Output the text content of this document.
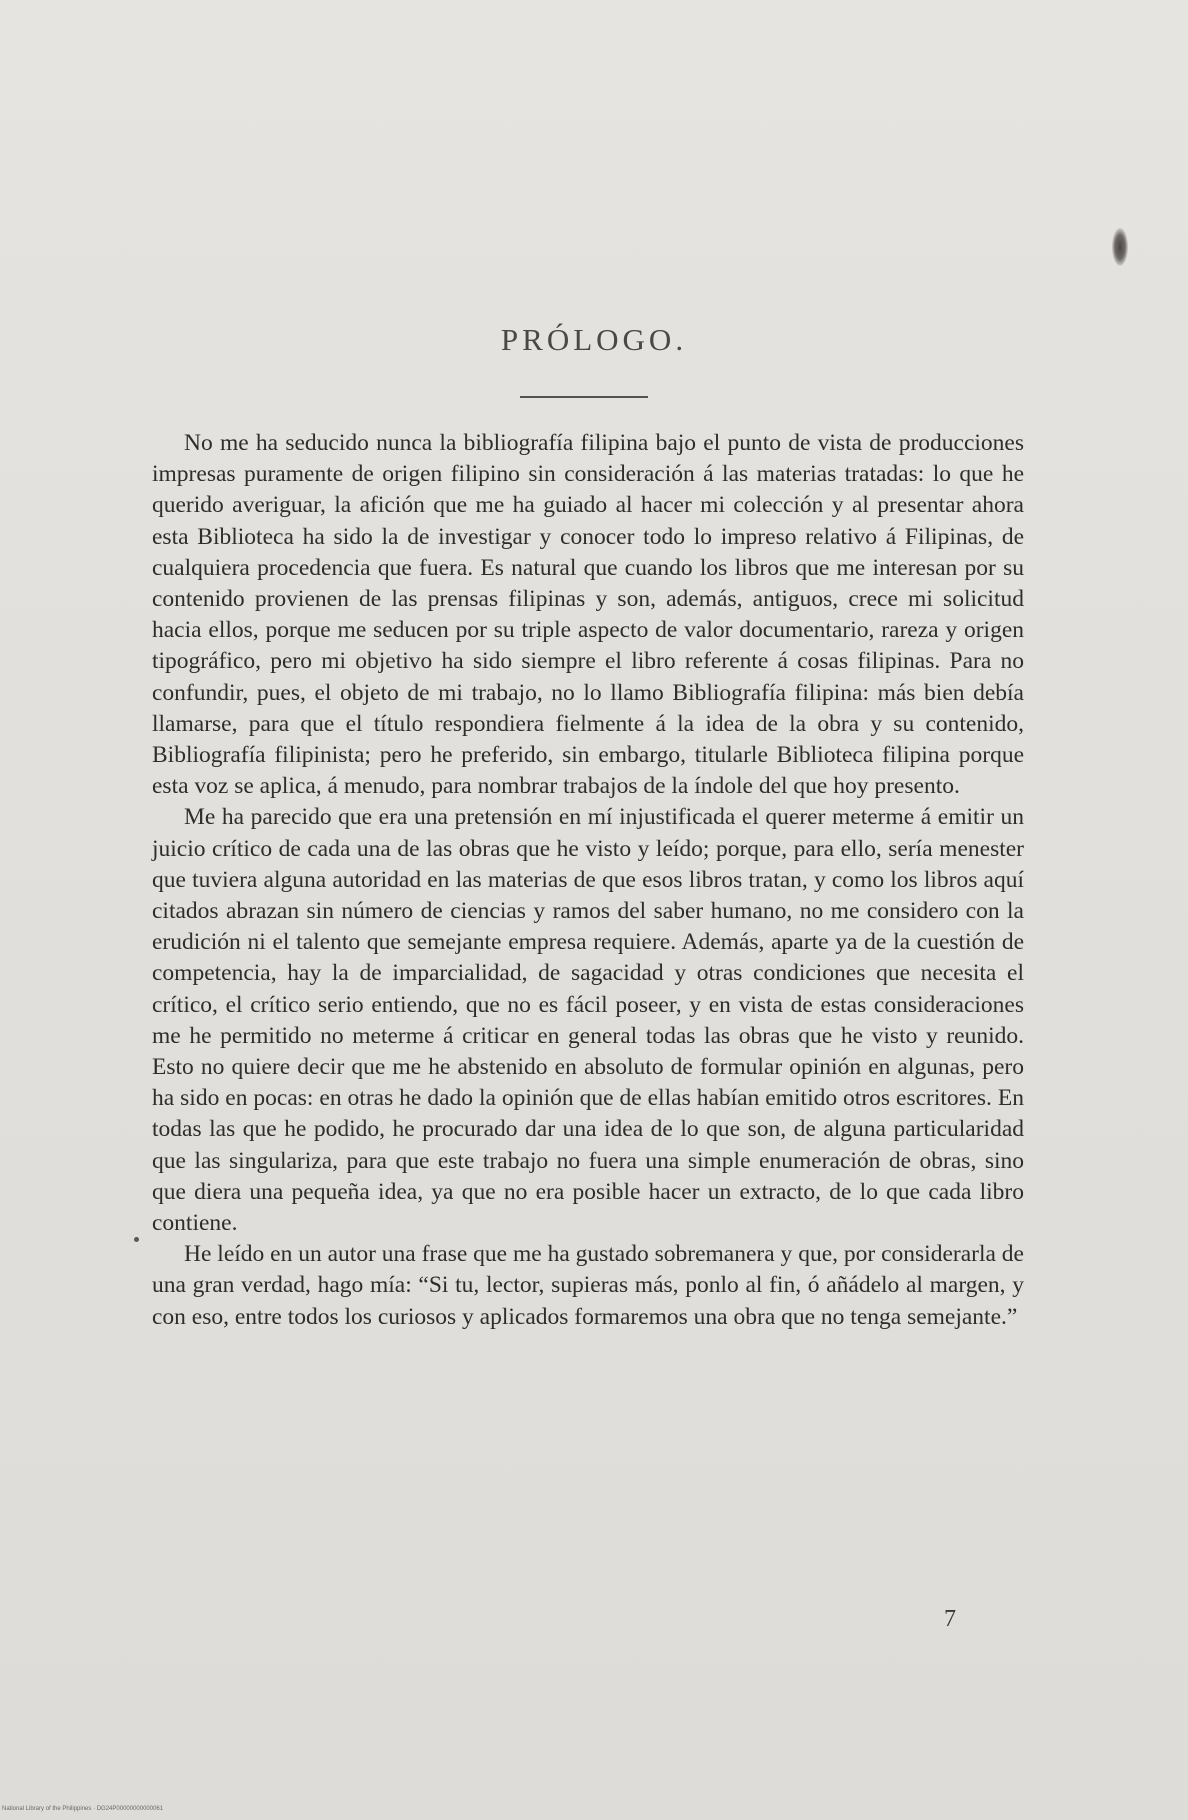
PRÓLOGO.

No me ha seducido nunca la bibliografía filipina bajo el punto de vista de producciones impresas puramente de origen filipino sin consideración á las materias tratadas: lo que he querido averiguar, la afición que me ha guiado al hacer mi colección y al presentar ahora esta Biblioteca ha sido la de investigar y conocer todo lo impreso relativo á Filipinas, de cualquiera procedencia que fuera. Es natural que cuando los libros que me interesan por su contenido provienen de las prensas filipinas y son, además, antiguos, crece mi solicitud hacia ellos, porque me seducen por su triple aspecto de valor documentario, rareza y origen tipográfico, pero mi objetivo ha sido siempre el libro referente á cosas filipinas. Para no confundir, pues, el objeto de mi trabajo, no lo llamo Bibliografía filipina: más bien debía llamarse, para que el título respondiera fielmente á la idea de la obra y su contenido, Bibliografía filipinista; pero he preferido, sin embargo, titularle Biblioteca filipina porque esta voz se aplica, á menudo, para nombrar trabajos de la índole del que hoy presento.

Me ha parecido que era una pretensión en mí injustificada el querer meterme á emitir un juicio crítico de cada una de las obras que he visto y leído; porque, para ello, sería menester que tuviera alguna autoridad en las materias de que esos libros tratan, y como los libros aquí citados abrazan sin número de ciencias y ramos del saber humano, no me considero con la erudición ni el talento que semejante empresa requiere. Además, aparte ya de la cuestión de competencia, hay la de imparcialidad, de sagacidad y otras condiciones que necesita el crítico, el crítico serio entiendo, que no es fácil poseer, y en vista de estas consideraciones me he permitido no meterme á criticar en general todas las obras que he visto y reunido. Esto no quiere decir que me he abstenido en absoluto de formular opinión en algunas, pero ha sido en pocas: en otras he dado la opinión que de ellas habían emitido otros escritores. En todas las que he podido, he procurado dar una idea de lo que son, de alguna particularidad que las singulariza, para que este trabajo no fuera una simple enumeración de obras, sino que diera una pequeña idea, ya que no era posible hacer un extracto, de lo que cada libro contiene.

He leído en un autor una frase que me ha gustado sobremanera y que, por considerarla de una gran verdad, hago mía: “Si tu, lector, supieras más, ponlo al fin, ó añádelo al margen, y con eso, entre todos los curiosos y aplicados formaremos una obra que no tenga semejante.”

7
National Library of the Philippines · DG24P00000000000061
